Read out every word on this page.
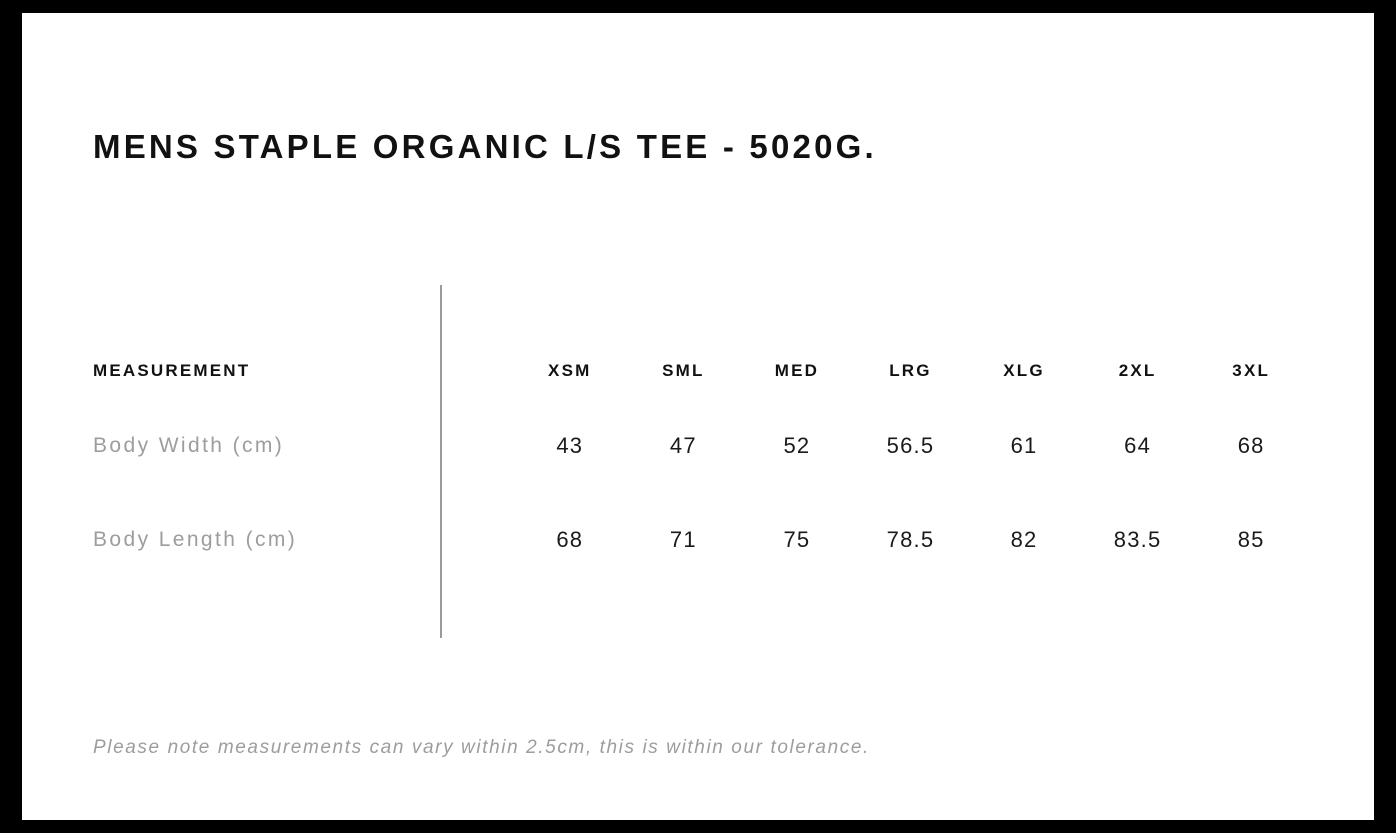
MENS STAPLE ORGANIC L/S TEE - 5020G.
MEASUREMENT	XSM	SML	MED	LRG	XLG	2XL	3XL
Body Width (cm)	43	47	52	56.5	61	64	68
Body Length (cm)	68	71	75	78.5	82	83.5	85

Please note measurements can vary within 2.5cm, this is within our tolerance.
